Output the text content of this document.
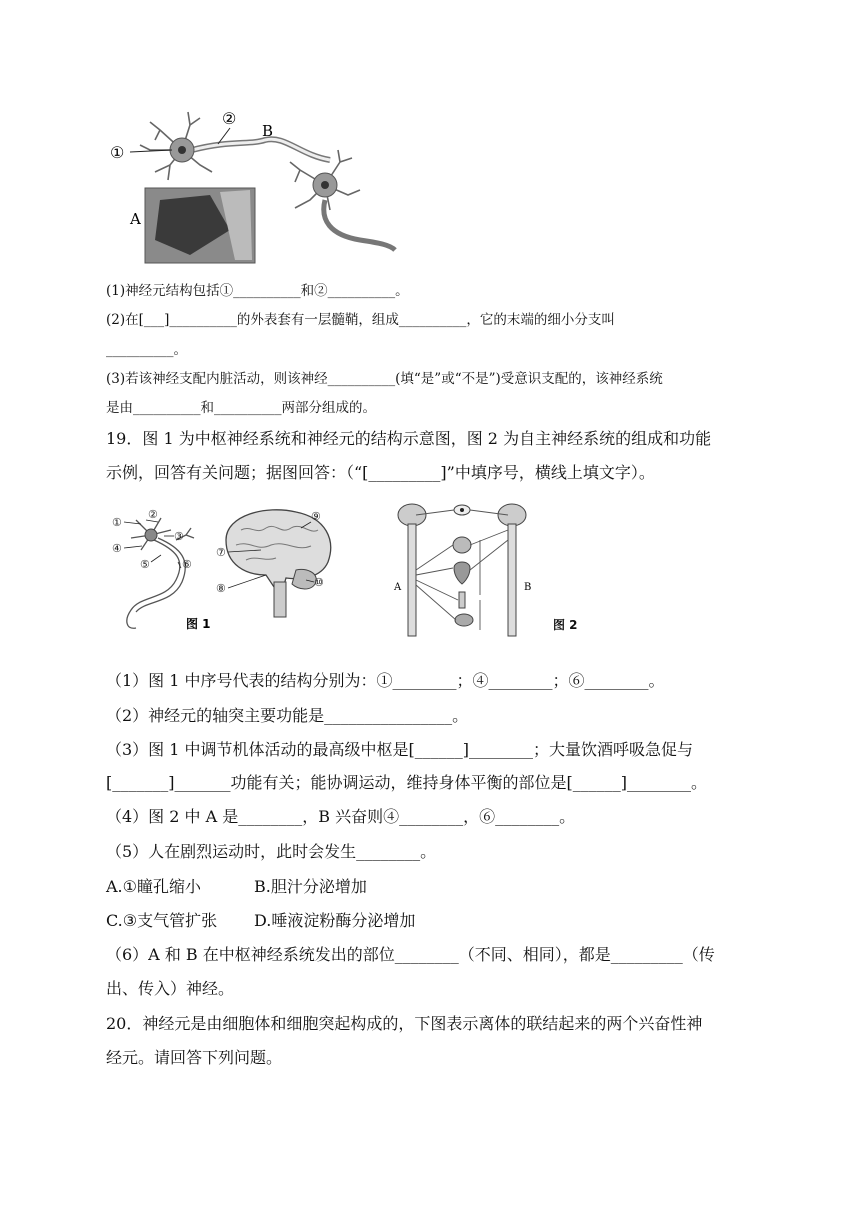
①
②
B
A
(1)神经元结构包括①__________和②__________。
(2)在[___]__________的外表套有一层髓鞘，组成__________，它的末端的细小分支叫
__________。
(3)若该神经支配内脏活动，则该神经__________(填“是”或“不是”)受意识支配的，该神经系统
是由__________和__________两部分组成的。
19．图 1 为中枢神经系统和神经元的结构示意图，图 2 为自主神经系统的组成和功能
示例，回答有关问题；据图回答：（“[_________]”中填序号，横线上填文字）。
①
②
③
④
⑤	⑥
⑦
⑧
⑨
⑩
图 1
A	B
图 2
（1）图 1 中序号代表的结构分别为：①________；④________；⑥________。
（2）神经元的轴突主要功能是________________。
（3）图 1 中调节机体活动的最高级中枢是[______]________；大量饮酒呼吸急促与
[_______]_______功能有关；能协调运动，维持身体平衡的部位是[______]________。
（4）图 2 中 A 是________，B 兴奋则④________，⑥________。
（5）人在剧烈运动时，此时会发生________。
A.①瞳孔缩小	B.胆汁分泌增加
C.③支气管扩张 D.唾液淀粉酶分泌增加
（6）A 和 B 在中枢神经系统发出的部位________（不同、相同），都是_________（传
出、传入）神经。
20．神经元是由细胞体和细胞突起构成的，下图表示离体的联结起来的两个兴奋性神
经元。请回答下列问题。
